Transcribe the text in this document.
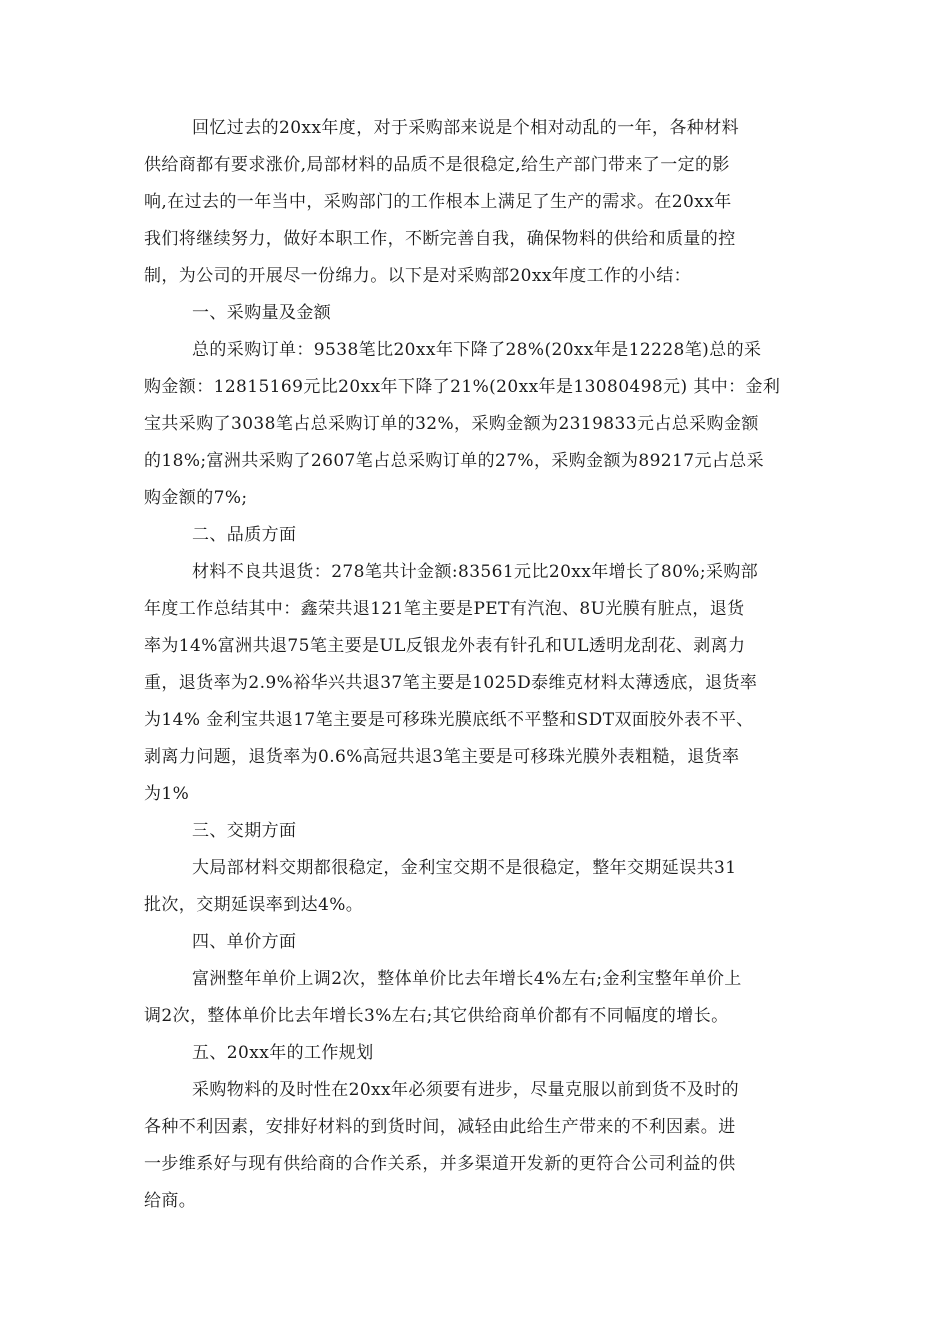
回忆过去的20xx年度，对于采购部来说是个相对动乱的一年，各种材料
供给商都有要求涨价,局部材料的品质不是很稳定,给生产部门带来了一定的影
响,在过去的一年当中，采购部门的工作根本上满足了生产的需求。在20xx年
我们将继续努力，做好本职工作，不断完善自我，确保物料的供给和质量的控
制，为公司的开展尽一份绵力。以下是对采购部20xx年度工作的小结：
一、采购量及金额
总的采购订单：9538笔比20xx年下降了28%(20xx年是12228笔)总的采
购金额：12815169元比20xx年下降了21%(20xx年是13080498元) 其中：金利
宝共采购了3038笔占总采购订单的32%，采购金额为2319833元占总采购金额
的18%;富洲共采购了2607笔占总采购订单的27%，采购金额为89217元占总采
购金额的7%;
二、品质方面
材料不良共退货：278笔共计金额:83561元比20xx年增长了80%;采购部
年度工作总结其中：鑫荣共退121笔主要是PET有汽泡、8U光膜有脏点，退货
率为14%富洲共退75笔主要是UL反银龙外表有针孔和UL透明龙刮花、剥离力
重，退货率为2.9%裕华兴共退37笔主要是1025D泰维克材料太薄透底，退货率
为14% 金利宝共退17笔主要是可移珠光膜底纸不平整和SDT双面胶外表不平、
剥离力问题，退货率为0.6%高冠共退3笔主要是可移珠光膜外表粗糙，退货率
为1%
三、交期方面
大局部材料交期都很稳定，金利宝交期不是很稳定，整年交期延误共31
批次，交期延误率到达4%。
四、单价方面
富洲整年单价上调2次，整体单价比去年增长4%左右;金利宝整年单价上
调2次，整体单价比去年增长3%左右;其它供给商单价都有不同幅度的增长。
五、20xx年的工作规划
采购物料的及时性在20xx年必须要有进步，尽量克服以前到货不及时的
各种不利因素，安排好材料的到货时间，减轻由此给生产带来的不利因素。进
一步维系好与现有供给商的合作关系，并多渠道开发新的更符合公司利益的供
给商。
